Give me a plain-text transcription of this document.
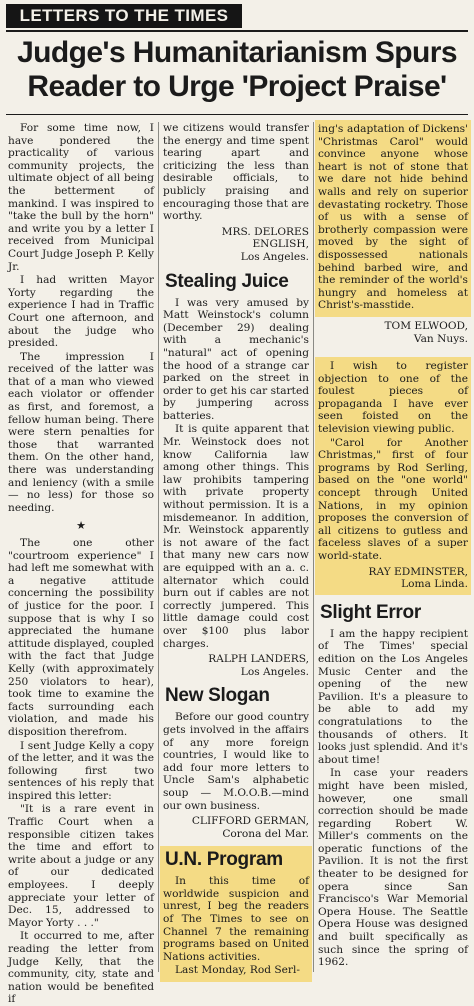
LETTERS TO THE TIMES
Judge's Humanitarianism Spurs
Reader to Urge 'Project Praise'

For some time now, I have pondered the practicality of various community projects, the ultimate object of all being the betterment of mankind. I was inspired to "take the bull by the horn" and write you by a letter I received from Municipal Court Judge Joseph P. Kelly Jr.

I had written Mayor Yorty regarding the experience I had in Traffic Court one afternoon, and about the judge who presided.

The impression I received of the latter was that of a man who viewed each violator or offender as first, and foremost, a fellow human being. There were stern penalties for those that warranted them. On the other hand, there was understanding and leniency (with a smile — no less) for those so needing.

★

The one other "courtroom experience" I had left me somewhat with a negative attitude concerning the possibility of justice for the poor. I suppose that is why I so appreciated the humane attitude displayed, coupled with the fact that Judge Kelly (with approximately 250 violators to hear), took time to examine the facts surrounding each violation, and made his disposition therefrom.

I sent Judge Kelly a copy of the letter, and it was the following first two sentences of his reply that inspired this letter:

"It is a rare event in Traffic Court when a responsible citizen takes the time and effort to write about a judge or any of our dedicated employees. I deeply appreciate your letter of Dec. 15, addressed to Mayor Yorty . . ."

It occurred to me, after reading the letter from Judge Kelly, that the community, city, state and nation would be benefited if

we citizens would transfer the energy and time spent tearing apart and criticizing the less than desirable officials, to publicly praising and encouraging those that are worthy.

MRS. DELORES ENGLISH,
Los Angeles.
Stealing Juice

I was very amused by Matt Weinstock's column (December 29) dealing with a mechanic's "natural" act of opening the hood of a strange car parked on the street in order to get his car started by jumpering across batteries.

It is quite apparent that Mr. Weinstock does not know California law among other things. This law prohibits tampering with private property without permission. It is a misdemeanor. In addition, Mr. Weinstock apparently is not aware of the fact that many new cars now are equipped with an a. c. alternator which could burn out if cables are not correctly jumpered. This little damage could cost over $100 plus labor charges.

RALPH LANDERS,
Los Angeles.
New Slogan

Before our good country gets involved in the affairs of any more foreign countries, I would like to add four more letters to Uncle Sam's alphabetic soup — M.O.O.B.—mind our own business.

CLIFFORD GERMAN,
Corona del Mar.
U.N. Program

In this time of worldwide suspicion and unrest, I beg the readers of The Times to see on Channel 7 the remaining programs based on United Nations activities.

Last Monday, Rod Serl-

ing's adaptation of Dickens' "Christmas Carol" would convince anyone whose heart is not of stone that we dare not hide behind walls and rely on superior devastating rocketry. Those of us with a sense of brotherly compassion were moved by the sight of dispossessed nationals behind barbed wire, and the reminder of the world's hungry and homeless at Christ's-masstide.

TOM ELWOOD,
Van Nuys.

I wish to register objection to one of the foulest pieces of propaganda I have ever seen foisted on the television viewing public.

"Carol for Another Christmas," first of four programs by Rod Serling, based on the "one world" concept through United Nations, in my opinion proposes the conversion of all citizens to gutless and faceless slaves of a super world-state.

RAY EDMINSTER,
Loma Linda.
Slight Error

I am the happy recipient of The Times' special edition on the Los Angeles Music Center and the opening of the new Pavilion. It's a pleasure to be able to add my congratulations to the thousands of others. It looks just splendid. And it's about time!

In case your readers might have been misled, however, one small correction should be made regarding Robert W. Miller's comments on the operatic functions of the Pavilion. It is not the first theater to be designed for opera since San Francisco's War Memorial Opera House. The Seattle Opera House was designed and built specifically as such since the spring of 1962.
